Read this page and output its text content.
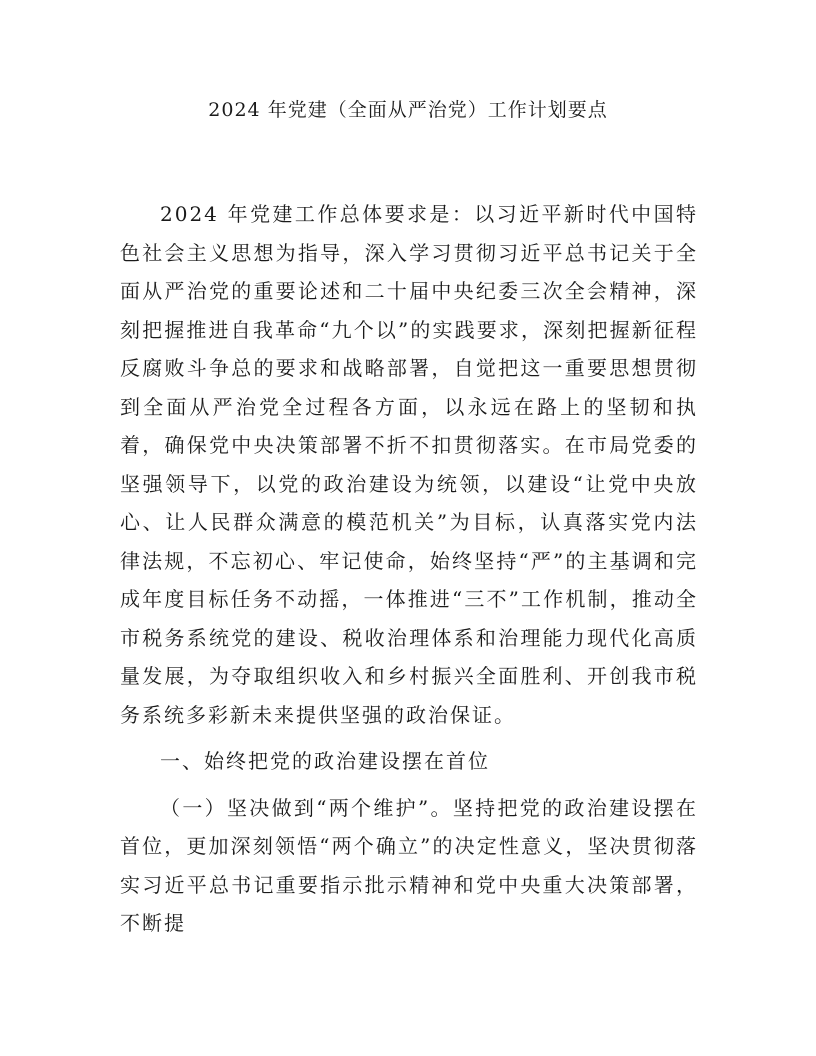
2024 年党建（全面从严治党）工作计划要点

2024 年党建工作总体要求是：以习近平新时代中国特色社会主义思想为指导，深入学习贯彻习近平总书记关于全面从严治党的重要论述和二十届中央纪委三次全会精神，深刻把握推进自我革命“九个以”的实践要求，深刻把握新征程反腐败斗争总的要求和战略部署，自觉把这一重要思想贯彻到全面从严治党全过程各方面，以永远在路上的坚韧和执着，确保党中央决策部署不折不扣贯彻落实。在市局党委的坚强领导下，以党的政治建设为统领，以建设“让党中央放心、让人民群众满意的模范机关”为目标，认真落实党内法律法规，不忘初心、牢记使命，始终坚持“严”的主基调和完成年度目标任务不动摇，一体推进“三不”工作机制，推动全市税务系统党的建设、税收治理体系和治理能力现代化高质量发展，为夺取组织收入和乡村振兴全面胜利、开创我市税务系统多彩新未来提供坚强的政治保证。

一、始终把党的政治建设摆在首位

（一）坚决做到“两个维护”。坚持把党的政治建设摆在首位，更加深刻领悟“两个确立”的决定性意义，坚决贯彻落实习近平总书记重要指示批示精神和党中央重大决策部署，不断提
